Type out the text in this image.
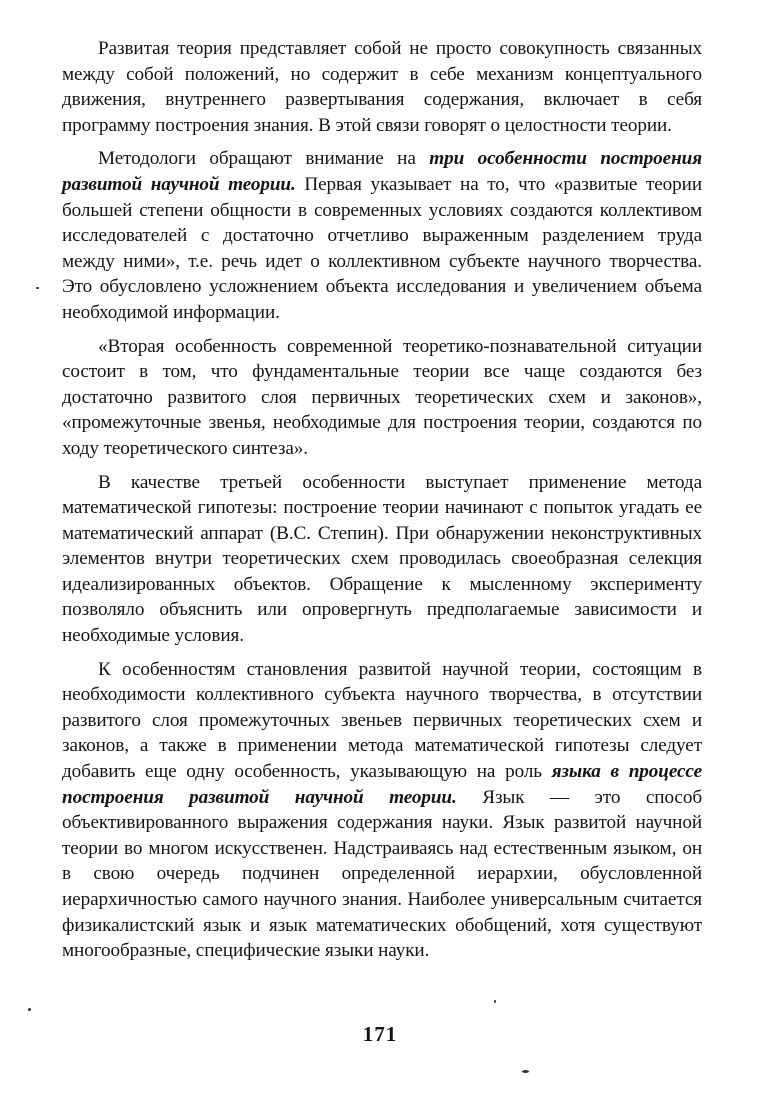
Развитая теория представляет собой не просто совокупность связанных между собой положений, но содержит в себе механизм концептуального движения, внутреннего развертывания содержания, включает в себя программу построения знания. В этой связи говорят о целостности теории.

Методологи обращают внимание на три особенности построения развитой научной теории. Первая указывает на то, что «развитые теории большей степени общности в современных условиях создаются коллективом исследователей с достаточно отчетливо выраженным разделением труда между ними», т.е. речь идет о коллективном субъекте научного творчества. Это обусловлено усложнением объекта исследования и увеличением объема необходимой информации.

«Вторая особенность современной теоретико-познавательной ситуации состоит в том, что фундаментальные теории все чаще создаются без достаточно развитого слоя первичных теоретических схем и законов», «промежуточные звенья, необходимые для построения теории, создаются по ходу теоретического синтеза».

В качестве третьей особенности выступает применение метода математической гипотезы: построение теории начинают с попыток угадать ее математический аппарат (В.С. Степин). При обнаружении неконструктивных элементов внутри теоретических схем проводилась своеобразная селекция идеализированных объектов. Обращение к мысленному эксперименту позволяло объяснить или опровергнуть предполагаемые зависимости и необходимые условия.

К особенностям становления развитой научной теории, состоящим в необходимости коллективного субъекта научного творчества, в отсутствии развитого слоя промежуточных звеньев первичных теоретических схем и законов, а также в применении метода математической гипотезы следует добавить еще одну особенность, указывающую на роль языка в процессе построения развитой научной теории. Язык — это способ объективированного выражения содержания науки. Язык развитой научной теории во многом искусственен. Надстраиваясь над естественным языком, он в свою очередь подчинен определенной иерархии, обусловленной иерархичностью самого научного знания. Наиболее универсальным считается физикалистский язык и язык математических обобщений, хотя существуют многообразные, специфические языки науки.

171
